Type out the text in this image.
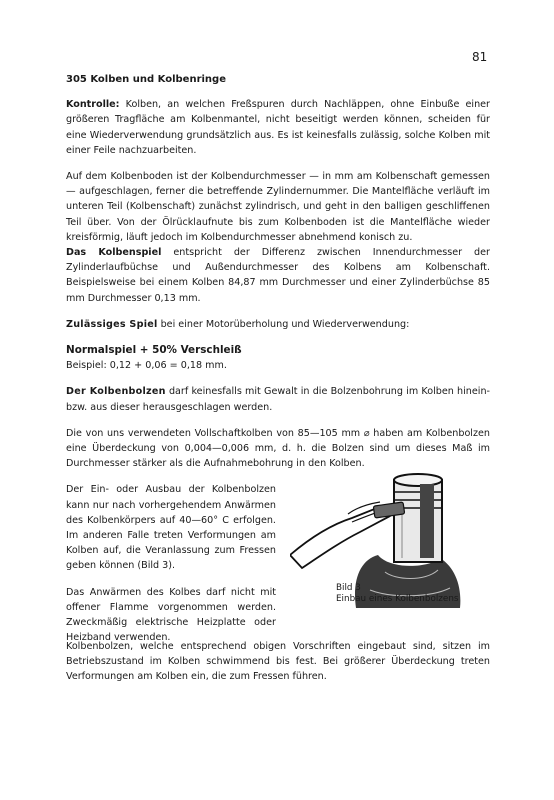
81

305 Kolben und Kolbenringe

Kontrolle: Kolben, an welchen Freßspuren durch Nachläppen, ohne Einbuße einer größeren Tragfläche am Kolbenmantel, nicht beseitigt werden können, scheiden für eine Wiederverwendung grundsätzlich aus. Es ist keinesfalls zulässig, solche Kolben mit einer Feile nachzuarbeiten.

Auf dem Kolbenboden ist der Kolbendurchmesser — in mm am Kolbenschaft gemessen — aufgeschlagen, ferner die betreffende Zylindernummer. Die Mantelfläche verläuft im unteren Teil (Kolbenschaft) zunächst zylindrisch, und geht in den balligen geschliffenen Teil über. Von der Ölrücklaufnute bis zum Kolbenboden ist die Mantelfläche wieder kreisförmig, läuft jedoch im Kolbendurchmesser abnehmend konisch zu.
Das Kolbenspiel entspricht der Differenz zwischen Innendurchmesser der Zylinderlaufbüchse und Außendurchmesser des Kolbens am Kolbenschaft. Beispielsweise bei einem Kolben 84,87 mm Durchmesser und einer Zylinderbüchse 85 mm Durchmesser 0,13 mm.

Zulässiges Spiel bei einer Motorüberholung und Wiederverwendung:

Normalspiel + 50% Verschleiß
Beispiel: 0,12 + 0,06 = 0,18 mm.

Der Kolbenbolzen darf keinesfalls mit Gewalt in die Bolzenbohrung im Kolben hinein- bzw. aus dieser herausgeschlagen werden.

Die von uns verwendeten Vollschaftkolben von 85—105 mm ⌀ haben am Kolbenbolzen eine Überdeckung von 0,004—0,006 mm, d. h. die Bolzen sind um dieses Maß im Durchmesser stärker als die Aufnahmebohrung in den Kolben.

Der Ein- oder Ausbau der Kolbenbolzen kann nur nach vorhergehendem Anwärmen des Kolbenkörpers auf 40—60° C erfolgen. Im anderen Falle treten Verformungen am Kolben auf, die Veranlassung zum Fressen geben können (Bild 3).

Das Anwärmen des Kolbes darf nicht mit offener Flamme vorgenommen werden. Zweckmäßig elektrische Heizplatte oder Heizband verwenden.

Bild 3
Einbau eines Kolbenbolzens

Kolbenbolzen, welche entsprechend obigen Vorschriften eingebaut sind, sitzen im Betriebszustand im Kolben schwimmend bis fest. Bei größerer Überdeckung treten Verformungen am Kolben ein, die zum Fressen führen.
